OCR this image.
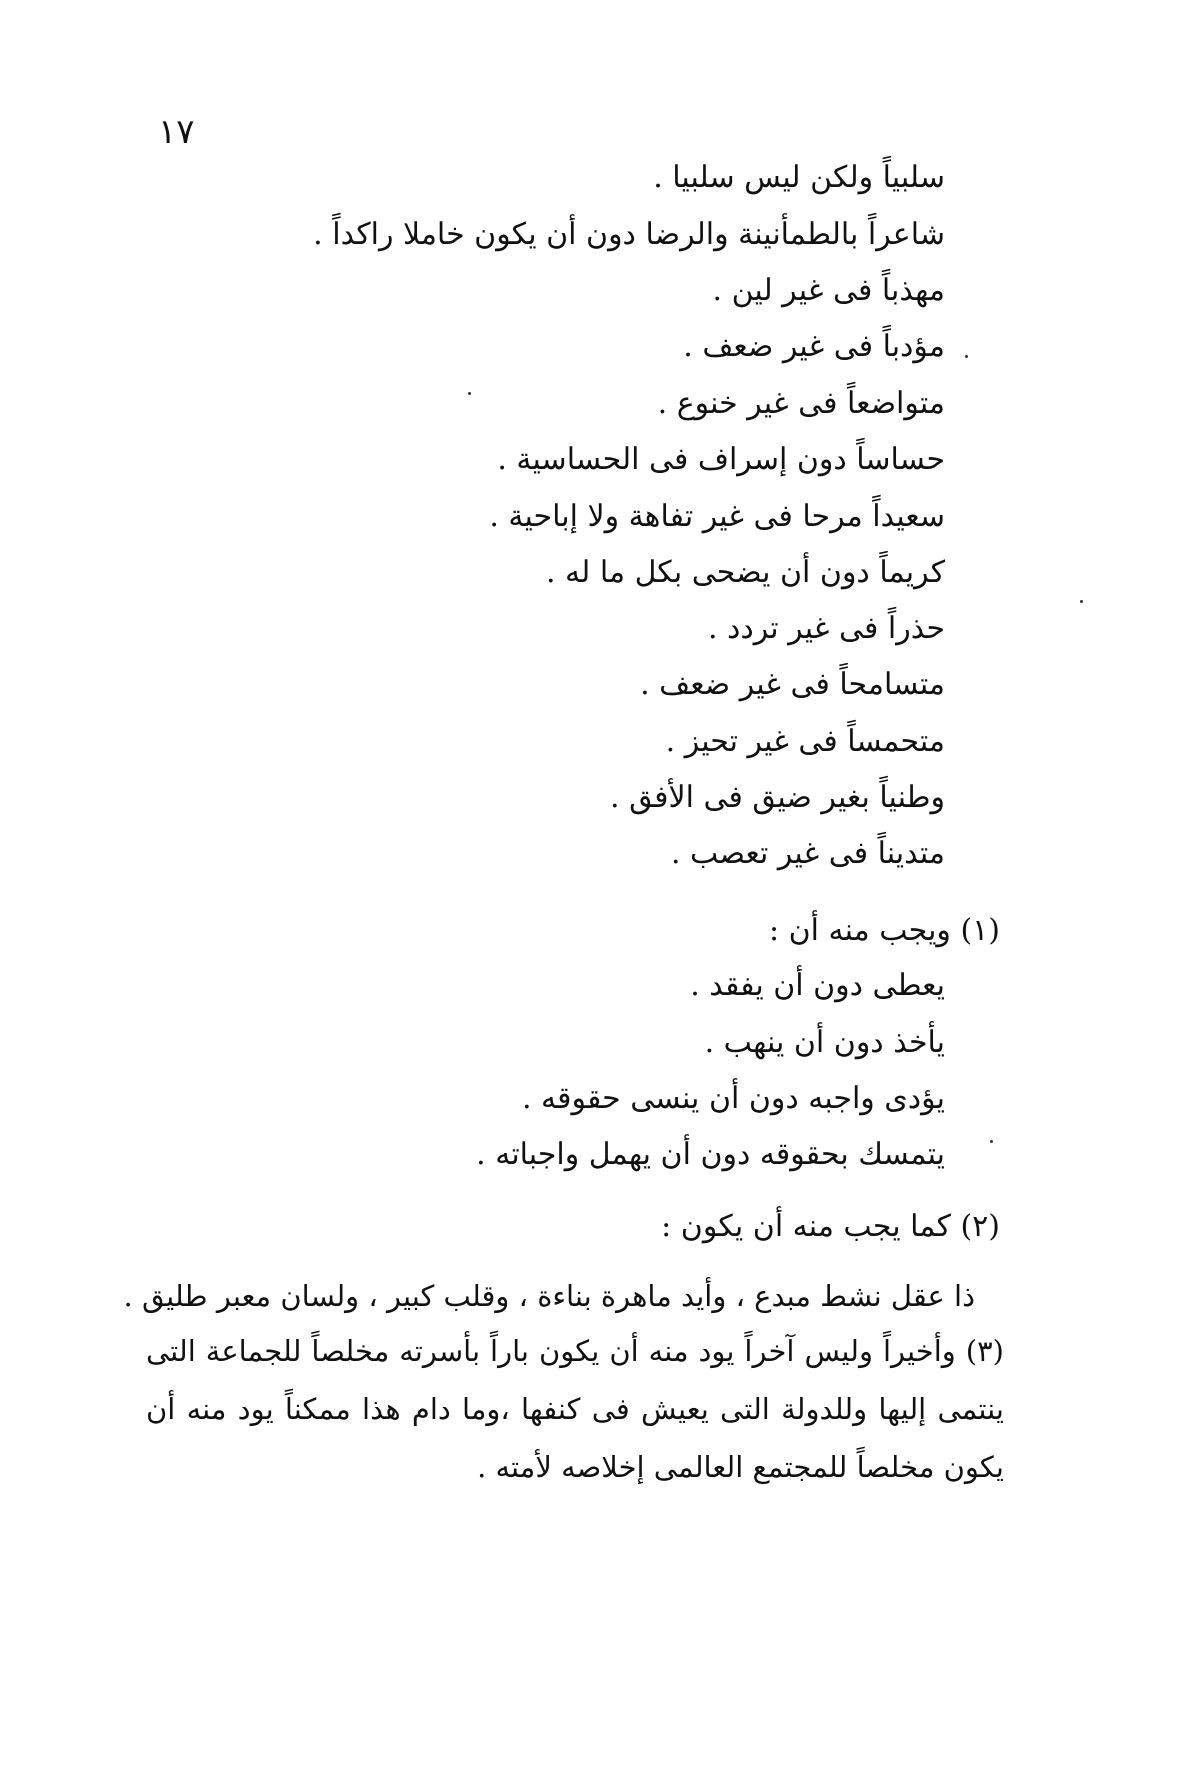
١٧
سلبياً ولكن ليس سلبيا .
شاعراً بالطمأنينة والرضا دون أن يكون خاملا راكداً .
مهذباً فى غير لين .
مؤدباً فى غير ضعف .
متواضعاً فى غير خنوع .
حساساً دون إسراف فى الحساسية .
سعيداً مرحا فى غير تفاهة ولا إباحية .
كريماً دون أن يضحى بكل ما له .
حذراً فى غير تردد .
متسامحاً فى غير ضعف .
متحمساً فى غير تحيز .
وطنياً بغير ضيق فى الأفق .
متديناً فى غير تعصب .
(١) ويجب منه أن :
يعطى دون أن يفقد .
يأخذ دون أن ينهب .
يؤدى واجبه دون أن ينسى حقوقه .
يتمسك بحقوقه دون أن يهمل واجباته .
(٢) كما يجب منه أن يكون :
ذا عقل نشط مبدع ، وأيد ماهرة بناءة ، وقلب كبير ، ولسان معبر طليق .
(٣) وأخيراً وليس آخراً يود منه أن يكون باراً بأسرته مخلصاً للجماعة التى ينتمى إليها وللدولة التى يعيش فى كنفها ،وما دام هذا ممكناً يود منه أن يكون مخلصاً للمجتمع العالمى إخلاصه لأمته .
